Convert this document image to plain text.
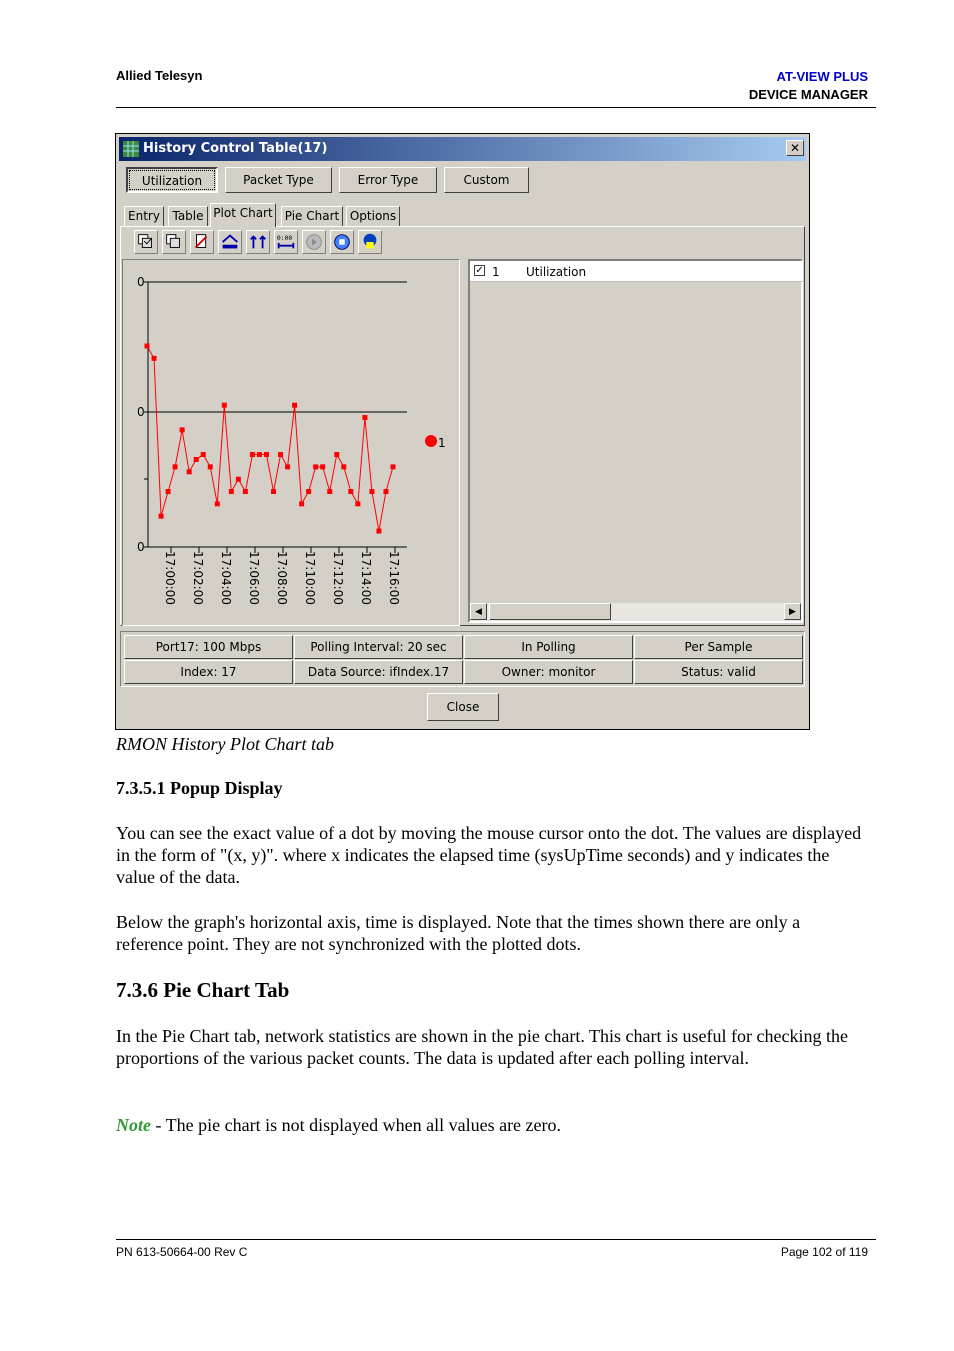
Allied Telesyn	AT-VIEW PLUS
DEVICE MANAGER
History Control Table(17)	✕
Utilization	Packet Type	Error Type	Custom
Entry	Table Plot Chart	Pie Chart Options
0:00
0
0
0
17:00:00 17:02:00 17:04:00 17:06:00 17:08:00 17:10:00 17:12:00 17:14:00 17:16:00
1
✓ 1 Utilization
◀	▶
Port17: 100 Mbps	Polling Interval: 20 sec	In Polling	Per Sample
Index: 17	Data Source: ifIndex.17	Owner: monitor	Status: valid
Close
RMON History Plot Chart tab
7.3.5.1 Popup Display
You can see the exact value of a dot by moving the mouse cursor onto the dot. The values are displayed in the form of "(x, y)". where x indicates the elapsed time (sysUpTime seconds) and y indicates the value of the data.
Below the graph's horizontal axis, time is displayed. Note that the times shown there are only a reference point. They are not synchronized with the plotted dots.
7.3.6 Pie Chart Tab
In the Pie Chart tab, network statistics are shown in the pie chart. This chart is useful for checking the proportions of the various packet counts. The data is updated after each polling interval.
Note - The pie chart is not displayed when all values are zero.
PN 613-50664-00 Rev C	Page 102 of 119
